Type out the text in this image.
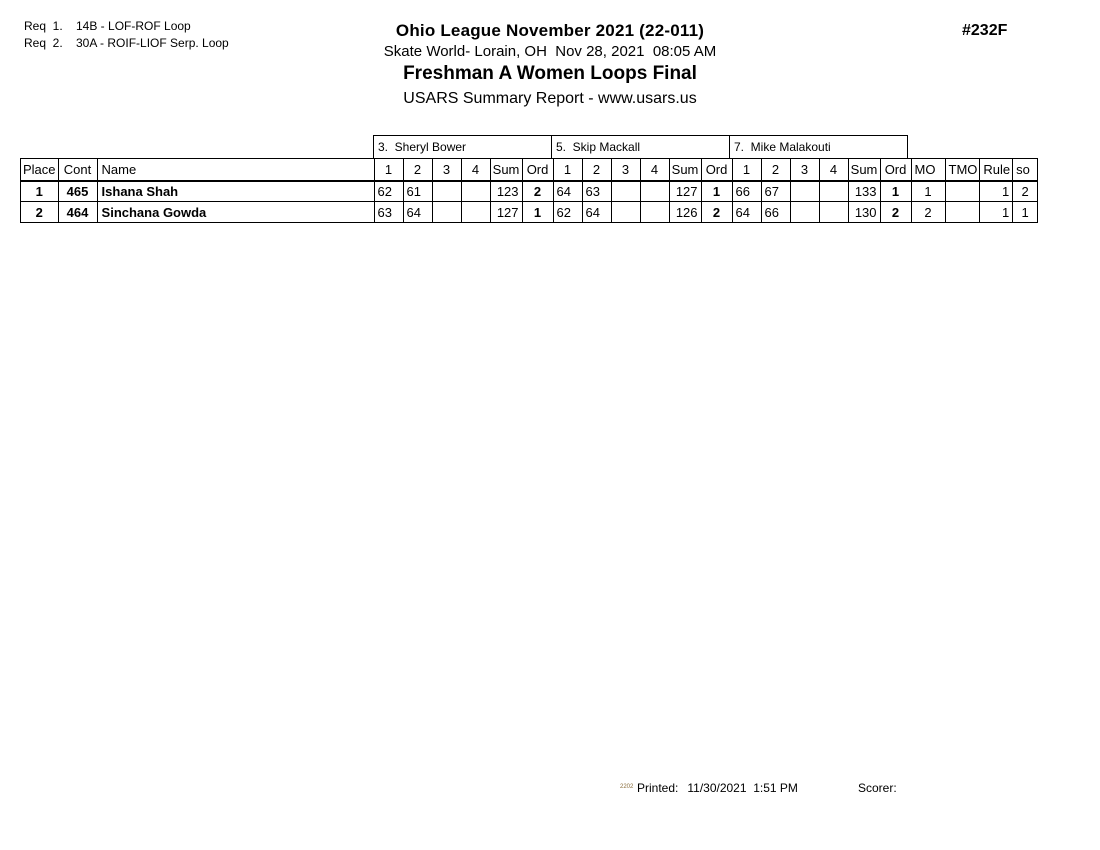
Req  1.	14B - LOF-ROF Loop
Req  2.	30A - ROIF-LIOF Serp. Loop
Ohio League November 2021 (22-011)
Skate World- Lorain, OH  Nov 28, 2021  08:05 AM
Freshman A Women Loops Final
USARS Summary Report - www.usars.us
#232F
3.  Sheryl Bower	5.  Skip Mackall	7.  Mike Malakouti
Place	Cont	Name	1	2	3	4	Sum	Ord	1	2	3	4	Sum	Ord	1	2	3	4	Sum	Ord	MO	TMO	Rule	so
1	465	Ishana Shah	62	61			123	2	64	63			127	1	66	67			133	1	1		1	2
2	464	Sinchana Gowda	63	64			127	1	62	64			126	2	64	66			130	2	2		1	1
2202 Printed: 11/30/2021  1:51 PM	Scorer:
